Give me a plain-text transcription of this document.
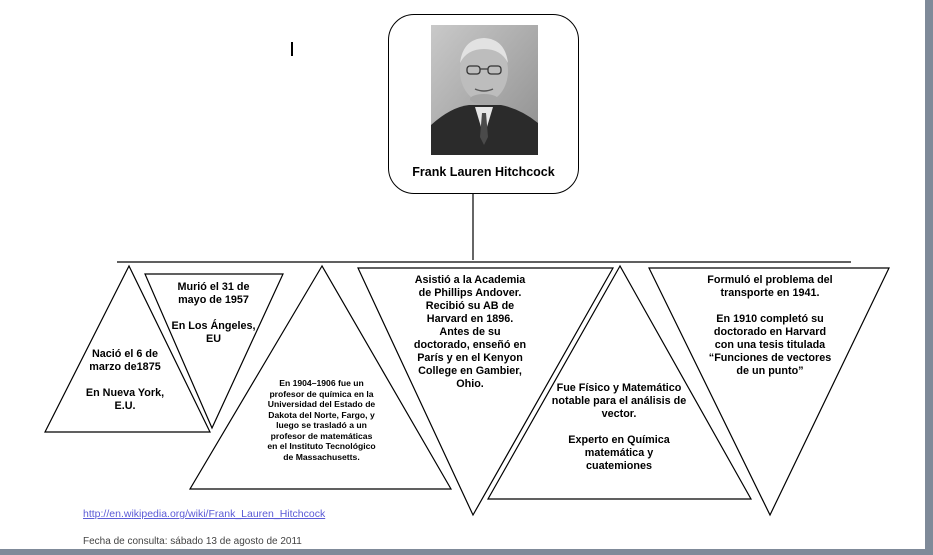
Frank Lauren Hitchcock
Nació el 6 de
marzo de1875

En Nueva York,
E.U.
Murió el 31 de
mayo de 1957

En Los Ángeles,
EU
En 1904–1906 fue un
profesor de química en la
Universidad del Estado de
Dakota del Norte, Fargo, y
luego se trasladó a un
profesor de matemáticas
en el Instituto Tecnológico
de Massachusetts.
Asistió a la Academia
de Phillips Andover.
Recibió su AB de
Harvard en 1896.
Antes de su
doctorado, enseñó en
París y en el Kenyon
College en Gambier,
Ohio.	Fue Físico y Matemático
notable para el análisis de
vector.

Experto en Química
matemática y
cuatemiones
Formuló el problema del
transporte en 1941.

En 1910 completó su
doctorado en Harvard
con una tesis titulada
“Funciones de vectores
de un punto”
http://en.wikipedia.org/wiki/Frank_Lauren_Hitchcock
Fecha de consulta: sábado 13 de agosto de 2011
